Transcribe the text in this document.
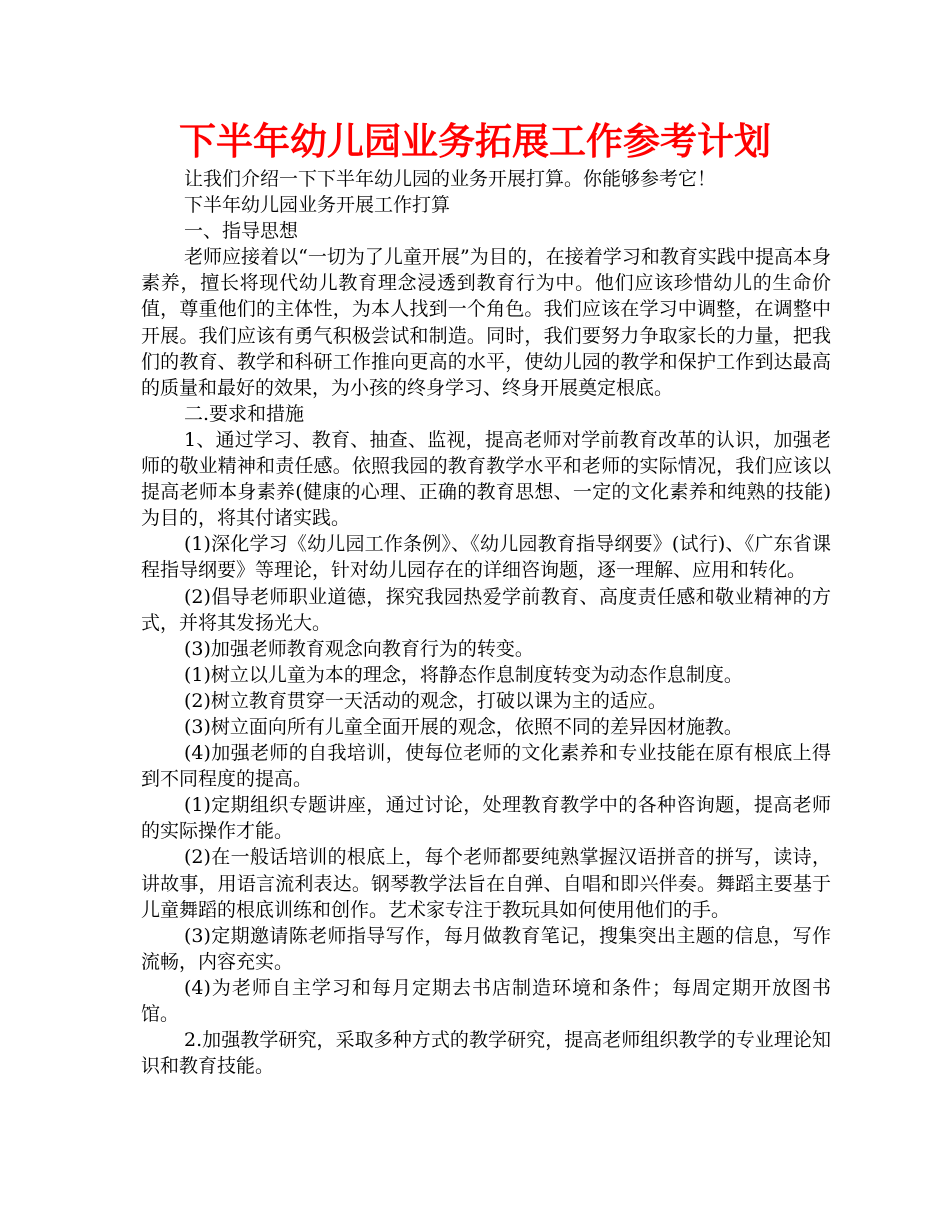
下半年幼儿园业务拓展工作参考计划

让我们介绍一下下半年幼儿园的业务开展打算。你能够参考它！

下半年幼儿园业务开展工作打算

一、指导思想

老师应接着以“一切为了儿童开展”为目的，在接着学习和教育实践中提高本身素养，擅长将现代幼儿教育理念浸透到教育行为中。他们应该珍惜幼儿的生命价值，尊重他们的主体性，为本人找到一个角色。我们应该在学习中调整，在调整中开展。我们应该有勇气积极尝试和制造。同时，我们要努力争取家长的力量，把我们的教育、教学和科研工作推向更高的水平，使幼儿园的教学和保护工作到达最高的质量和最好的效果，为小孩的终身学习、终身开展奠定根底。

二.要求和措施

1、通过学习、教育、抽查、监视，提高老师对学前教育改革的认识，加强老师的敬业精神和责任感。依照我园的教育教学水平和老师的实际情况，我们应该以提高老师本身素养(健康的心理、正确的教育思想、一定的文化素养和纯熟的技能)为目的，将其付诸实践。

(1)深化学习《幼儿园工作条例》、《幼儿园教育指导纲要》(试行)、《广东省课程指导纲要》等理论，针对幼儿园存在的详细咨询题，逐一理解、应用和转化。

(2)倡导老师职业道德，探究我园热爱学前教育、高度责任感和敬业精神的方式，并将其发扬光大。

(3)加强老师教育观念向教育行为的转变。

(1)树立以儿童为本的理念，将静态作息制度转变为动态作息制度。

(2)树立教育贯穿一天活动的观念，打破以课为主的适应。

(3)树立面向所有儿童全面开展的观念，依照不同的差异因材施教。

(4)加强老师的自我培训，使每位老师的文化素养和专业技能在原有根底上得到不同程度的提高。

(1)定期组织专题讲座，通过讨论，处理教育教学中的各种咨询题，提高老师的实际操作才能。

(2)在一般话培训的根底上，每个老师都要纯熟掌握汉语拼音的拼写，读诗，讲故事，用语言流利表达。钢琴教学法旨在自弹、自唱和即兴伴奏。舞蹈主要基于儿童舞蹈的根底训练和创作。艺术家专注于教玩具如何使用他们的手。

(3)定期邀请陈老师指导写作，每月做教育笔记，搜集突出主题的信息，写作流畅，内容充实。

(4)为老师自主学习和每月定期去书店制造环境和条件；每周定期开放图书馆。

2.加强教学研究，采取多种方式的教学研究，提高老师组织教学的专业理论知识和教育技能。
